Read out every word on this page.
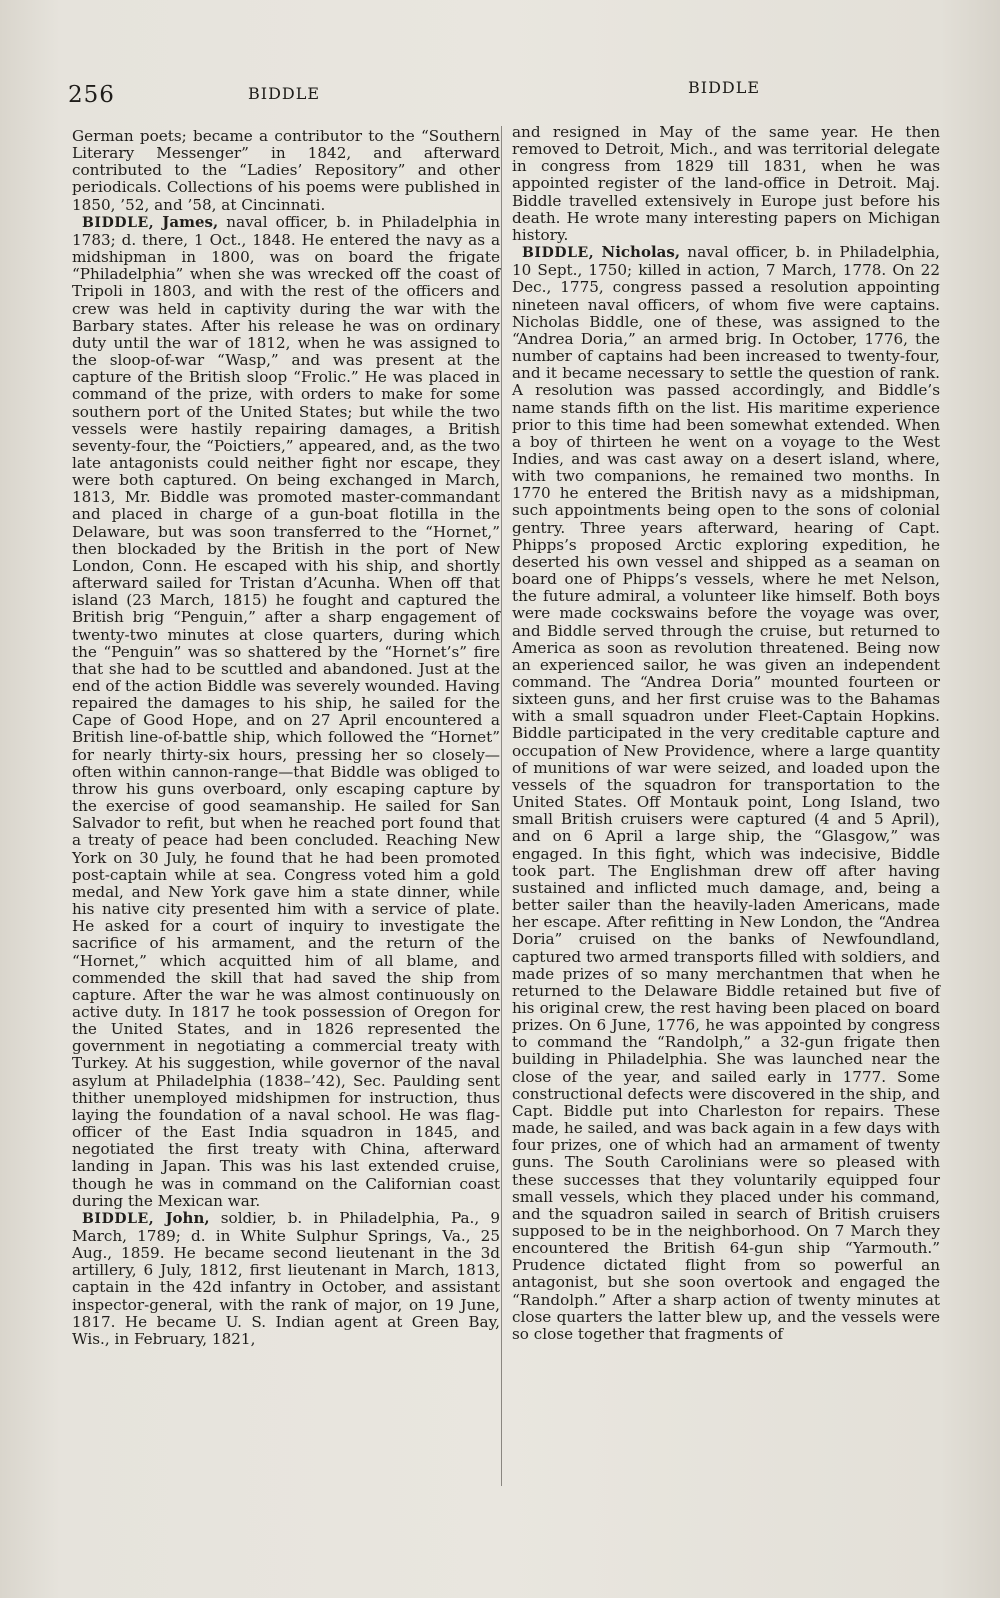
256	BIDDLE	BIDDLE

German poets; became a contributor to the “Southern Literary Messenger” in 1842, and afterward contributed to the “Ladies’ Repository” and other periodicals. Collections of his poems were published in 1850, ’52, and ’58, at Cincinnati.

BIDDLE, James, naval officer, b. in Philadelphia in 1783; d. there, 1 Oct., 1848. He entered the navy as a midshipman in 1800, was on board the frigate “Philadelphia” when she was wrecked off the coast of Tripoli in 1803, and with the rest of the officers and crew was held in captivity during the war with the Barbary states. After his release he was on ordinary duty until the war of 1812, when he was assigned to the sloop-of-war “Wasp,” and was present at the capture of the British sloop “Frolic.” He was placed in command of the prize, with orders to make for some southern port of the United States; but while the two vessels were hastily repairing damages, a British seventy-four, the “Poictiers,” appeared, and, as the two late antagonists could neither fight nor escape, they were both captured. On being exchanged in March, 1813, Mr. Biddle was promoted master-commandant and placed in charge of a gun-boat flotilla in the Delaware, but was soon transferred to the “Hornet,” then blockaded by the British in the port of New London, Conn. He escaped with his ship, and shortly afterward sailed for Tristan d’Acunha. When off that island (23 March, 1815) he fought and captured the British brig “Penguin,” after a sharp engagement of twenty-two minutes at close quarters, during which the “Penguin” was so shattered by the “Hornet’s” fire that she had to be scuttled and abandoned. Just at the end of the action Biddle was severely wounded. Having repaired the damages to his ship, he sailed for the Cape of Good Hope, and on 27 April encountered a British line-of-battle ship, which followed the “Hornet” for nearly thirty-six hours, pressing her so closely—often within cannon-range—that Biddle was obliged to throw his guns overboard, only escaping capture by the exercise of good seamanship. He sailed for San Salvador to refit, but when he reached port found that a treaty of peace had been concluded. Reaching New York on 30 July, he found that he had been promoted post-captain while at sea. Congress voted him a gold medal, and New York gave him a state dinner, while his native city presented him with a service of plate. He asked for a court of inquiry to investigate the sacrifice of his armament, and the return of the “Hornet,” which acquitted him of all blame, and commended the skill that had saved the ship from capture. After the war he was almost continuously on active duty. In 1817 he took possession of Oregon for the United States, and in 1826 represented the government in negotiating a commercial treaty with Turkey. At his suggestion, while governor of the naval asylum at Philadelphia (1838–’42), Sec. Paulding sent thither unemployed midshipmen for instruction, thus laying the foundation of a naval school. He was flag-officer of the East India squadron in 1845, and negotiated the first treaty with China, afterward landing in Japan. This was his last extended cruise, though he was in command on the Californian coast during the Mexican war.

BIDDLE, John, soldier, b. in Philadelphia, Pa., 9 March, 1789; d. in White Sulphur Springs, Va., 25 Aug., 1859. He became second lieutenant in the 3d artillery, 6 July, 1812, first lieutenant in March, 1813, captain in the 42d infantry in October, and assistant inspector-general, with the rank of major, on 19 June, 1817. He became U. S. Indian agent at Green Bay, Wis., in February, 1821,

and resigned in May of the same year. He then removed to Detroit, Mich., and was territorial delegate in congress from 1829 till 1831, when he was appointed register of the land-office in Detroit. Maj. Biddle travelled extensively in Europe just before his death. He wrote many interesting papers on Michigan history.

BIDDLE, Nicholas, naval officer, b. in Philadelphia, 10 Sept., 1750; killed in action, 7 March, 1778. On 22 Dec., 1775, congress passed a resolution appointing nineteen naval officers, of whom five were captains. Nicholas Biddle, one of these, was assigned to the “Andrea Doria,” an armed brig. In October, 1776, the number of captains had been increased to twenty-four, and it became necessary to settle the question of rank. A resolution was passed accordingly, and Biddle’s name stands fifth on the list. His maritime experience prior to this time had been somewhat extended. When a boy of thirteen he went on a voyage to the West Indies, and was cast away on a desert island, where, with two companions, he remained two months. In 1770 he entered the British navy as a midshipman, such appointments being open to the sons of colonial gentry. Three years afterward, hearing of Capt. Phipps’s proposed Arctic exploring expedition, he deserted his own vessel and shipped as a seaman on board one of Phipps’s vessels, where he met Nelson, the future admiral, a volunteer like himself. Both boys were made cockswains before the voyage was over, and Biddle served through the cruise, but returned to America as soon as revolution threatened. Being now an experienced sailor, he was given an independent command. The “Andrea Doria” mounted fourteen or sixteen guns, and her first cruise was to the Bahamas with a small squadron under Fleet-Captain Hopkins. Biddle participated in the very creditable capture and occupation of New Providence, where a large quantity of munitions of war were seized, and loaded upon the vessels of the squadron for transportation to the United States. Off Montauk point, Long Island, two small British cruisers were captured (4 and 5 April), and on 6 April a large ship, the “Glasgow,” was engaged. In this fight, which was indecisive, Biddle took part. The Englishman drew off after having sustained and inflicted much damage, and, being a better sailer than the heavily-laden Americans, made her escape. After refitting in New London, the “Andrea Doria” cruised on the banks of Newfoundland, captured two armed transports filled with soldiers, and made prizes of so many merchantmen that when he returned to the Delaware Biddle retained but five of his original crew, the rest having been placed on board prizes. On 6 June, 1776, he was appointed by congress to command the “Randolph,” a 32-gun frigate then building in Philadelphia. She was launched near the close of the year, and sailed early in 1777. Some constructional defects were discovered in the ship, and Capt. Biddle put into Charleston for repairs. These made, he sailed, and was back again in a few days with four prizes, one of which had an armament of twenty guns. The South Carolinians were so pleased with these successes that they voluntarily equipped four small vessels, which they placed under his command, and the squadron sailed in search of British cruisers supposed to be in the neighborhood. On 7 March they encountered the British 64-gun ship “Yarmouth.” Prudence dictated flight from so powerful an antagonist, but she soon overtook and engaged the “Randolph.” After a sharp action of twenty minutes at close quarters the latter blew up, and the vessels were so close together that fragments of
